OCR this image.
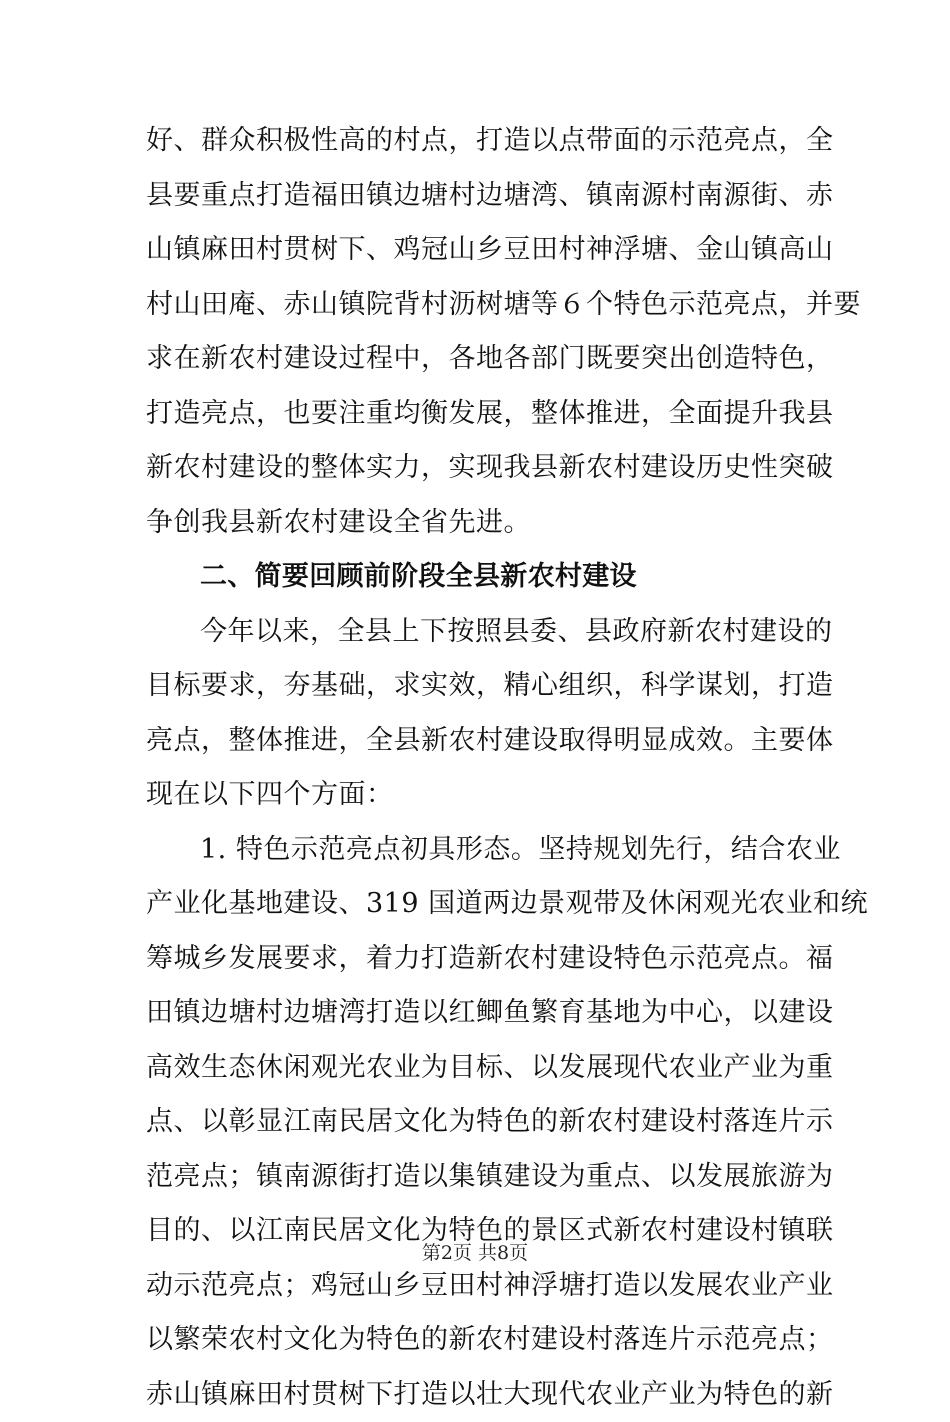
好、群众积极性高的村点，打造以点带面的示范亮点，全
县要重点打造福田镇边塘村边塘湾、镇南源村南源街、赤
山镇麻田村贯树下、鸡冠山乡豆田村神浮塘、金山镇高山
村山田庵、赤山镇院背村沥树塘等６个特色示范亮点，并要
求在新农村建设过程中，各地各部门既要突出创造特色，
打造亮点，也要注重均衡发展，整体推进，全面提升我县
新农村建设的整体实力，实现我县新农村建设历史性突破
争创我县新农村建设全省先进。
二、简要回顾前阶段全县新农村建设
今年以来，全县上下按照县委、县政府新农村建设的
目标要求，夯基础，求实效，精心组织，科学谋划，打造
亮点，整体推进，全县新农村建设取得明显成效。主要体
现在以下四个方面：
1. 特色示范亮点初具形态。坚持规划先行，结合农业
产业化基地建设、319 国道两边景观带及休闲观光农业和统
筹城乡发展要求，着力打造新农村建设特色示范亮点。福
田镇边塘村边塘湾打造以红鲫鱼繁育基地为中心，以建设
高效生态休闲观光农业为目标、以发展现代农业产业为重
点、以彰显江南民居文化为特色的新农村建设村落连片示
范亮点；镇南源街打造以集镇建设为重点、以发展旅游为
目的、以江南民居文化为特色的景区式新农村建设村镇联
动示范亮点；鸡冠山乡豆田村神浮塘打造以发展农业产业
以繁荣农村文化为特色的新农村建设村落连片示范亮点；
赤山镇麻田村贯树下打造以壮大现代农业产业为特色的新
第2页 共8页
